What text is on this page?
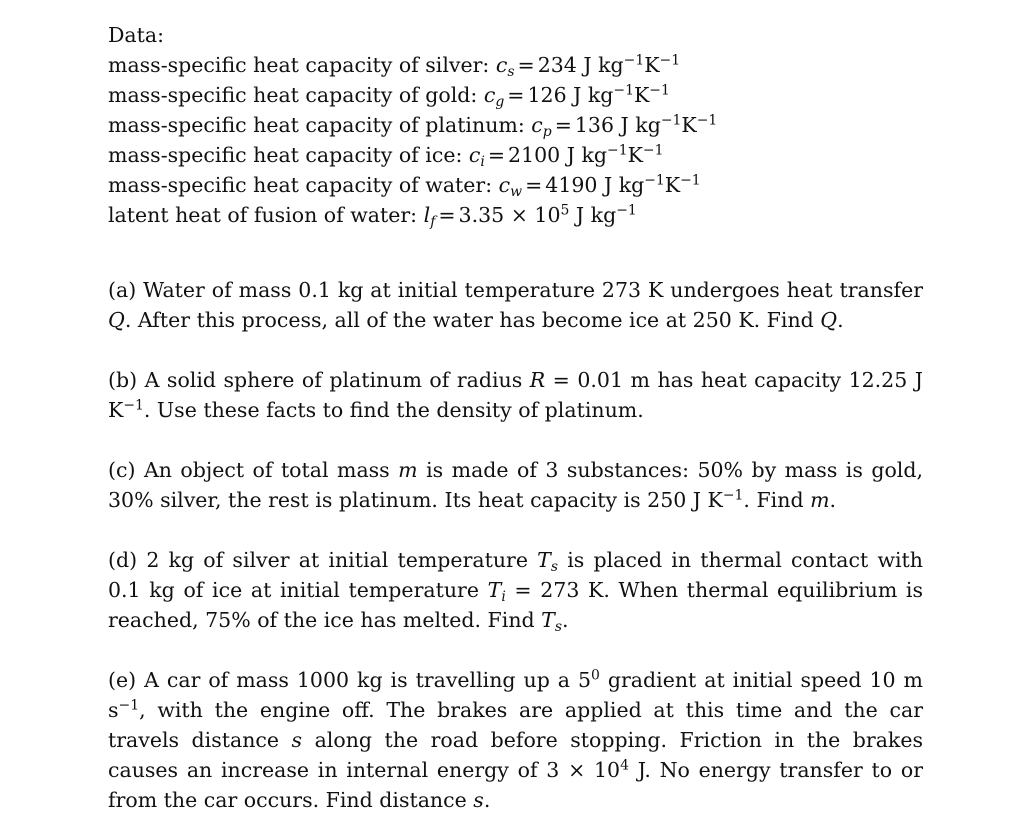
Data:
mass-specific heat capacity of silver: $c_s = 234$ J $kg^{-1}K^{-1}$
mass-specific heat capacity of gold: $c_g = 126$ J $kg^{-1}K^{-1}$
mass-specific heat capacity of platinum: $c_p = 136$ J $kg^{-1}K^{-1}$
mass-specific heat capacity of ice: $c_i = 2100$ J $kg^{-1}K^{-1}$
mass-specific heat capacity of water: $c_w = 4190$ J $kg^{-1}K^{-1}$
latent heat of fusion of water: $l_f = 3.35 \times 10^5$ J $kg^{-1}$

(a) Water of mass 0.1 kg at initial temperature 273 K undergoes heat transfer Q. After this process, all of the water has become ice at 250 K. Find Q.

(b) A solid sphere of platinum of radius R = 0.01 m has heat capacity 12.25 J $K^{-1}$. Use these facts to find the density of platinum.

(c) An object of total mass m is made of 3 substances: 50% by mass is gold, 30% silver, the rest is platinum. Its heat capacity is 250 J $K^{-1}$. Find m.

(d) 2 kg of silver at initial temperature $T_s$ is placed in thermal contact with 0.1 kg of ice at initial temperature $T_i = 273$ K. When thermal equilibrium is reached, 75% of the ice has melted. Find $T_s$.

(e) A car of mass 1000 kg is travelling up a $5^0$ gradient at initial speed 10 m $s^{-1}$, with the engine off. The brakes are applied at this time and the car travels distance s along the road before stopping. Friction in the brakes causes an increase in internal energy of $3 \times 10^4$ J. No energy transfer to or from the car occurs. Find distance s.
